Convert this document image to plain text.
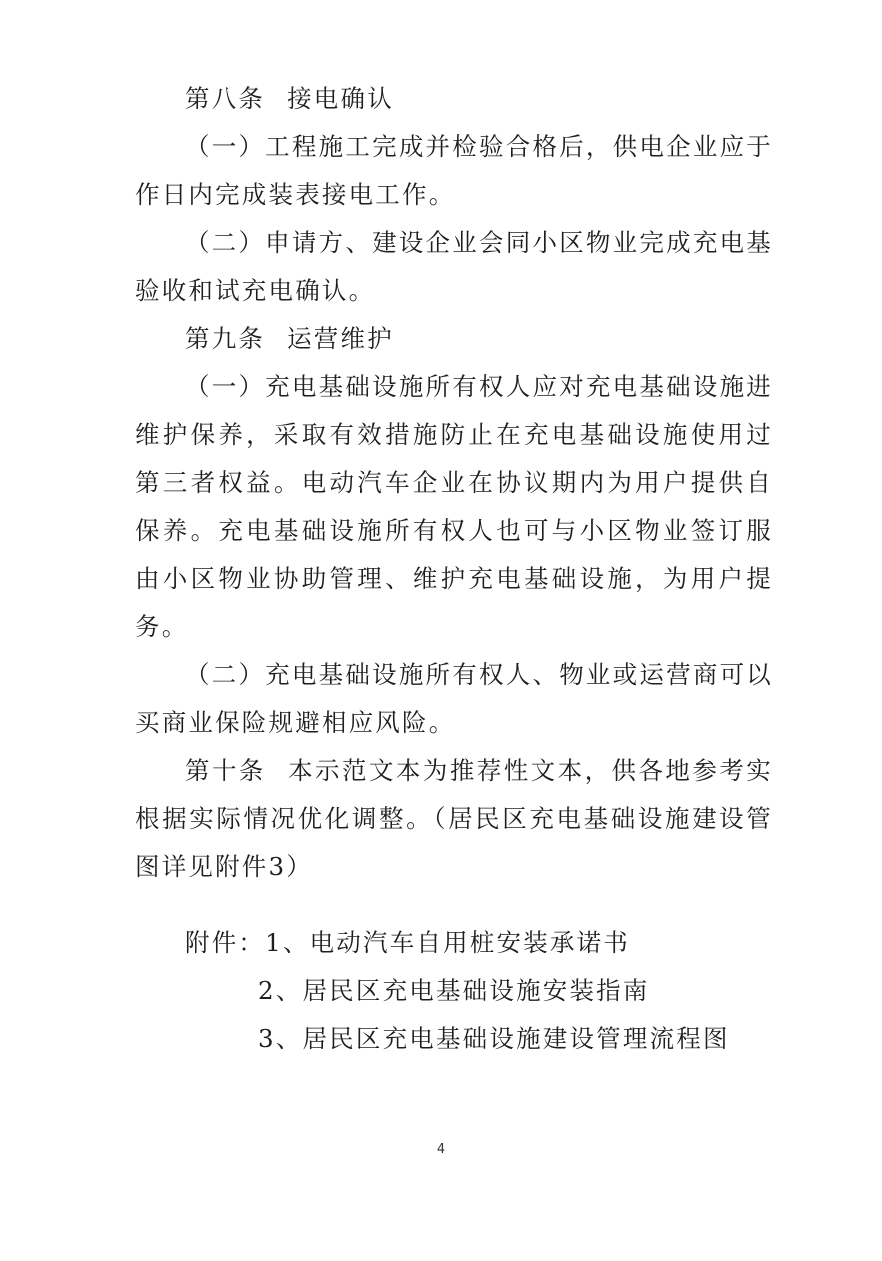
第八条 接电确认
（一）工程施工完成并检验合格后，供电企业应于
作日内完成装表接电工作。
（二）申请方、建设企业会同小区物业完成充电基
验收和试充电确认。
第九条 运营维护
（一）充电基础设施所有权人应对充电基础设施进
维护保养，采取有效措施防止在充电基础设施使用过
第三者权益。电动汽车企业在协议期内为用户提供自
保养。充电基础设施所有权人也可与小区物业签订服
由小区物业协助管理、维护充电基础设施，为用户提
务。
（二）充电基础设施所有权人、物业或运营商可以
买商业保险规避相应风险。
第十条 本示范文本为推荐性文本，供各地参考实
根据实际情况优化调整。（居民区充电基础设施建设管
图详见附件3）
附件：1、电动汽车自用桩安装承诺书
2、居民区充电基础设施安装指南
3、居民区充电基础设施建设管理流程图
4
